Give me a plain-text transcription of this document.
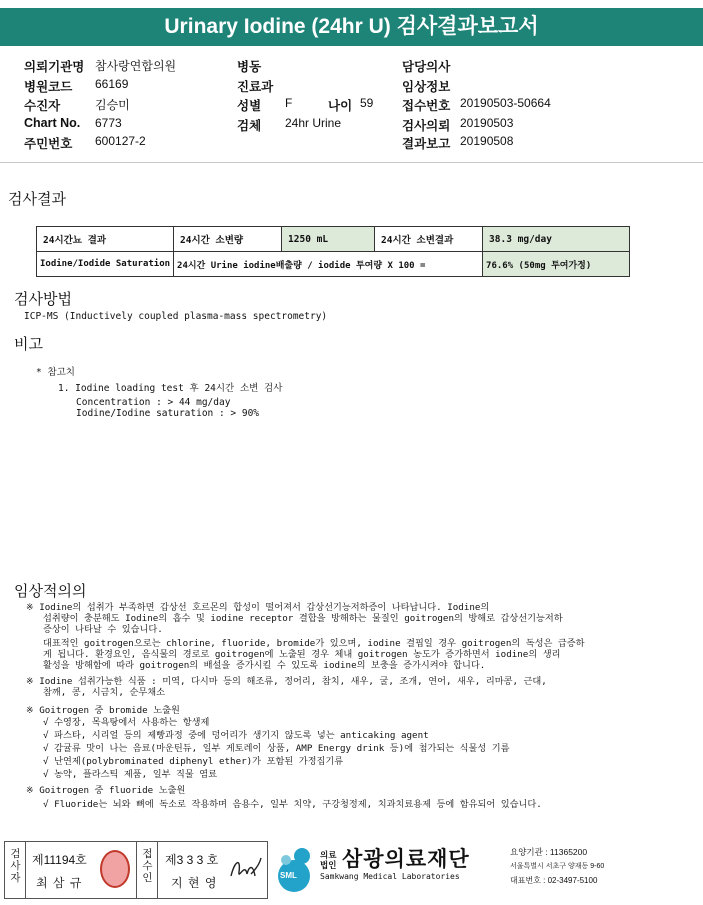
Urinary Iodine (24hr U) 검사결과보고서
의뢰기관명 참사랑연합의원
병원코드 66169
수진자	김승미
Chart No. 6773
주민번호 600127-2
병동
진료과
성별 F	나이 59
검체 24hr Urine
담당의사
임상정보
접수번호 20190503-50664
검사의뢰 20190503
결과보고 20190508
검사결과
24시간뇨 결과	24시간 소변량	1250 mL	24시간 소변결과	38.3 mg/day
Iodine/Iodide Saturation	24시간 Urine iodine배출량 / iodide 투여량 X 100 =			76.6% (50mg 투여가정)
검사방법
ICP-MS (Inductively coupled plasma-mass spectrometry)
비고
* 참고치
1. Iodine loading test 후 24시간 소변 검사
Concentration : > 44 mg/day
Iodine/Iodine saturation : > 90%
임상적의의
※ Iodine의 섭취가 부족하면 갑상선 호르몬의 합성이 떨어져서 갑상선기능저하증이 나타납니다. Iodine의
섭취량이 충분해도 Iodine의 흡수 및 iodine receptor 결합을 방해하는 물질인 goitrogen의 방해로 갑상선기능저하
증상이 나타날 수 있습니다.
대표적인 goitrogen으로는 chlorine, fluoride, bromide가 있으며, iodine 결핍일 경우 goitrogen의 독성은 급증하
게 됩니다. 환경요인, 음식물의 경로로 goitrogen에 노출된 경우 체내 goitrogen 농도가 증가하면서 iodine의 생리
활성을 방해함에 따라 goitrogen의 배설을 증가시킬 수 있도록 iodine의 보충을 증가시켜야 합니다.
※ Iodine 섭취가능한 식품 : 미역, 다시마 등의 해조류, 정어리, 참치, 새우, 굴, 조개, 연어, 새우, 리마콩, 근대,
참깨, 콩, 시금치, 순무채소
※ Goitrogen 중 bromide 노출원
√ 수영장, 목욕탕에서 사용하는 항생제
√ 파스타, 시리얼 등의 제빵과정 중에 덩어리가 생기지 않도록 넣는 anticaking agent
√ 감귤류 맛이 나는 음료(마운틴듀, 일부 게토레이 상품, AMP Energy drink 등)에 첨가되는 식물성 기름
√ 난연제(polybrominated diphenyl ether)가 포함된 가정집기류
√ 농약, 플라스틱 제품, 일부 직물 염료
※ Goitrogen 중 fluoride 노출원
√ Fluoride는 뇌와 뼈에 독소로 작용하며 음용수, 일부 치약, 구강청정제, 치과치료용제 등에 함유되어 있습니다.
검사자
제11194호
최 삼 규
접수인
제3 3 3 호
지 현 영
SML
의료법인 삼광의료재단
Samkwang Medical Laboratories
요양기관 : 11365200
서울특별시 서초구 양재동 9-60
대표번호 : 02-3497-5100
